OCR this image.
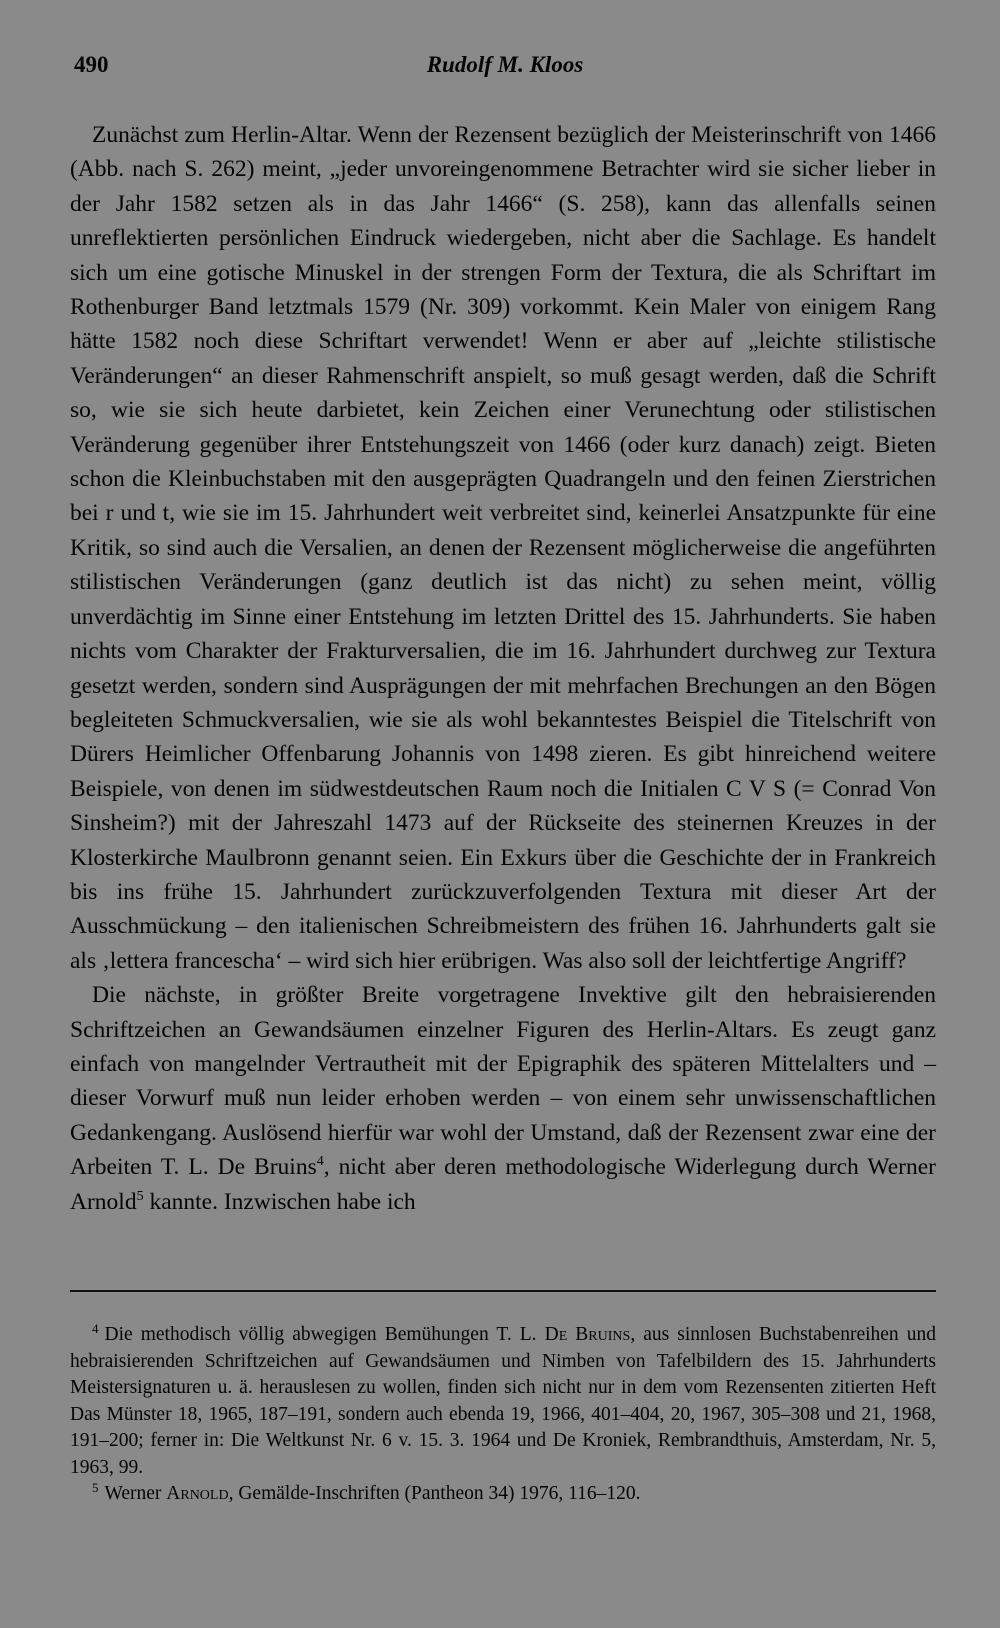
490	Rudolf M. Kloos

Zunächst zum Herlin-Altar. Wenn der Rezensent bezüglich der Meisterinschrift von 1466 (Abb. nach S. 262) meint, „jeder unvoreingenommene Betrachter wird sie sicher lieber in der Jahr 1582 setzen als in das Jahr 1466“ (S. 258), kann das allenfalls seinen unreflektierten persönlichen Eindruck wiedergeben, nicht aber die Sachlage. Es handelt sich um eine gotische Minuskel in der strengen Form der Textura, die als Schriftart im Rothenburger Band letztmals 1579 (Nr. 309) vorkommt. Kein Maler von einigem Rang hätte 1582 noch diese Schriftart verwendet! Wenn er aber auf „leichte stilistische Veränderungen“ an dieser Rahmenschrift anspielt, so muß gesagt werden, daß die Schrift so, wie sie sich heute darbietet, kein Zeichen einer Verunechtung oder stilistischen Veränderung gegenüber ihrer Entstehungszeit von 1466 (oder kurz danach) zeigt. Bieten schon die Kleinbuchstaben mit den ausgeprägten Quadrangeln und den feinen Zierstrichen bei r und t, wie sie im 15. Jahrhundert weit verbreitet sind, keinerlei Ansatzpunkte für eine Kritik, so sind auch die Versalien, an denen der Rezensent möglicherweise die angeführten stilistischen Veränderungen (ganz deutlich ist das nicht) zu sehen meint, völlig unverdächtig im Sinne einer Entstehung im letzten Drittel des 15. Jahrhunderts. Sie haben nichts vom Charakter der Frakturversalien, die im 16. Jahrhundert durchweg zur Textura gesetzt werden, sondern sind Ausprägungen der mit mehrfachen Brechungen an den Bögen begleiteten Schmuckversalien, wie sie als wohl bekanntestes Beispiel die Titelschrift von Dürers Heimlicher Offenbarung Johannis von 1498 zieren. Es gibt hinreichend weitere Beispiele, von denen im südwestdeutschen Raum noch die Initialen C V S (= Conrad Von Sinsheim?) mit der Jahreszahl 1473 auf der Rückseite des steinernen Kreuzes in der Klosterkirche Maulbronn genannt seien. Ein Exkurs über die Geschichte der in Frankreich bis ins frühe 15. Jahrhundert zurückzuverfolgenden Textura mit dieser Art der Ausschmückung – den italienischen Schreibmeistern des frühen 16. Jahrhunderts galt sie als ‚lettera franceschaʻ – wird sich hier erübrigen. Was also soll der leichtfertige Angriff?

Die nächste, in größter Breite vorgetragene Invektive gilt den hebraisierenden Schriftzeichen an Gewandsäumen einzelner Figuren des Herlin-Altars. Es zeugt ganz einfach von mangelnder Vertrautheit mit der Epigraphik des späteren Mittelalters und – dieser Vorwurf muß nun leider erhoben werden – von einem sehr unwissenschaftlichen Gedankengang. Auslösend hierfür war wohl der Umstand, daß der Rezensent zwar eine der Arbeiten T. L. De Bruins$^4$, nicht aber deren methodologische Widerlegung durch Werner Arnold$^5$ kannte. Inzwischen habe ich

$^4$ Die methodisch völlig abwegigen Bemühungen T. L. De Bruins, aus sinnlosen Buchstabenreihen und hebraisierenden Schriftzeichen auf Gewandsäumen und Nimben von Tafelbildern des 15. Jahrhunderts Meistersignaturen u. ä. herauslesen zu wollen, finden sich nicht nur in dem vom Rezensenten zitierten Heft Das Münster 18, 1965, 187–191, sondern auch ebenda 19, 1966, 401–404, 20, 1967, 305–308 und 21, 1968, 191–200; ferner in: Die Weltkunst Nr. 6 v. 15. 3. 1964 und De Kroniek, Rembrandthuis, Amsterdam, Nr. 5, 1963, 99.

$^5$ Werner Arnold, Gemälde-Inschriften (Pantheon 34) 1976, 116–120.
